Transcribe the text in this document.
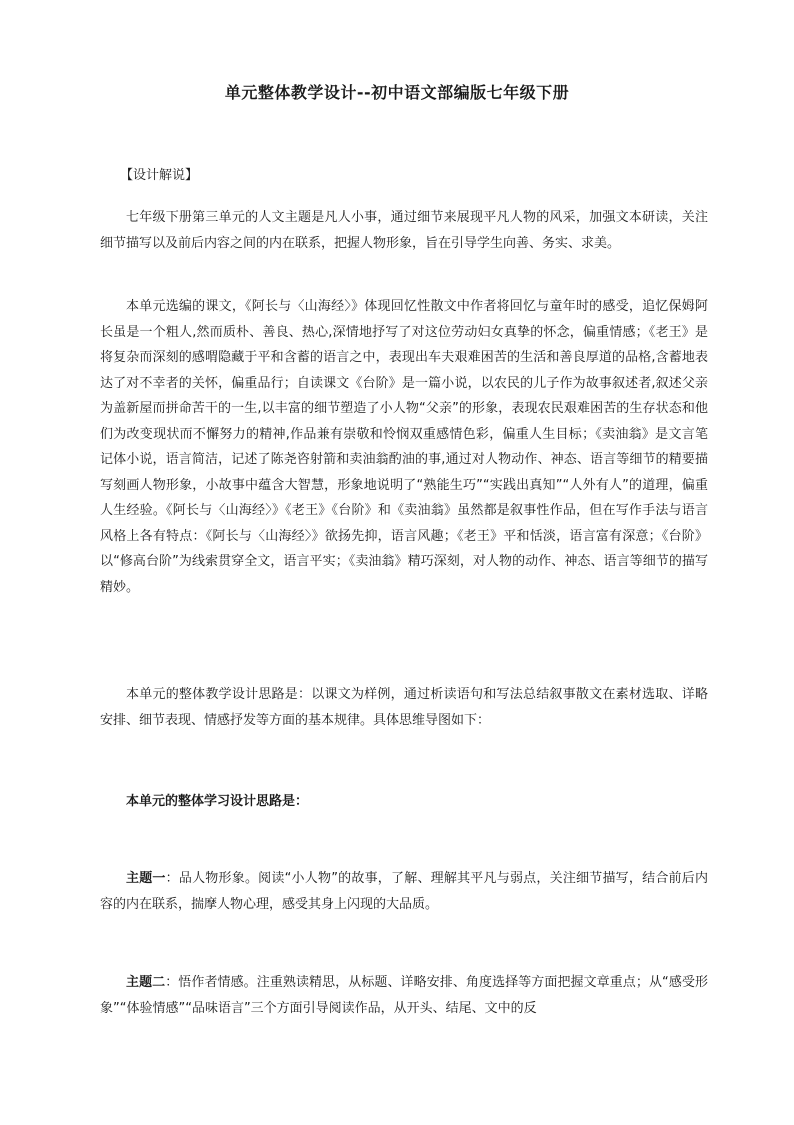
单元整体教学设计--初中语文部编版七年级下册

【设计解说】

七年级下册第三单元的人文主题是凡人小事，通过细节来展现平凡人物的风采，加强文本研读，关注细节描写以及前后内容之间的内在联系，把握人物形象，旨在引导学生向善、务实、求美。

本单元选编的课文，《阿长与〈山海经〉》体现回忆性散文中作者将回忆与童年时的感受，追忆保姆阿长虽是一个粗人,然而质朴、善良、热心,深情地抒写了对这位劳动妇女真挚的怀念，偏重情感；《老王》是将复杂而深刻的感喟隐藏于平和含蓄的语言之中，表现出车夫艰难困苦的生活和善良厚道的品格,含蓄地表达了对不幸者的关怀，偏重品行；自读课文《台阶》是一篇小说，以农民的儿子作为故事叙述者,叙述父亲为盖新屋而拼命苦干的一生,以丰富的细节塑造了小人物“父亲”的形象，表现农民艰难困苦的生存状态和他们为改变现状而不懈努力的精神,作品兼有崇敬和怜悯双重感情色彩，偏重人生目标；《卖油翁》是文言笔记体小说，语言简洁，记述了陈尧咨射箭和卖油翁酌油的事,通过对人物动作、神态、语言等细节的精要描写刻画人物形象，小故事中蕴含大智慧，形象地说明了“熟能生巧”“实践出真知”“人外有人”的道理，偏重人生经验。《阿长与〈山海经〉》《老王》《台阶》和《卖油翁》虽然都是叙事性作品，但在写作手法与语言风格上各有特点：《阿长与〈山海经〉》欲扬先抑，语言风趣；《老王》平和恬淡，语言富有深意；《台阶》以“修高台阶”为线索贯穿全文，语言平实；《卖油翁》精巧深刻，对人物的动作、神态、语言等细节的描写精妙。

本单元的整体教学设计思路是：以课文为样例，通过析读语句和写法总结叙事散文在素材选取、详略安排、细节表现、情感抒发等方面的基本规律。具体思维导图如下：

本单元的整体学习设计思路是：

主题一：品人物形象。阅读“小人物”的故事，了解、理解其平凡与弱点，关注细节描写，结合前后内容的内在联系，揣摩人物心理，感受其身上闪现的大品质。

主题二：悟作者情感。注重熟读精思，从标题、详略安排、角度选择等方面把握文章重点；从“感受形象”“体验情感”“品味语言”三个方面引导阅读作品，从开头、结尾、文中的反
